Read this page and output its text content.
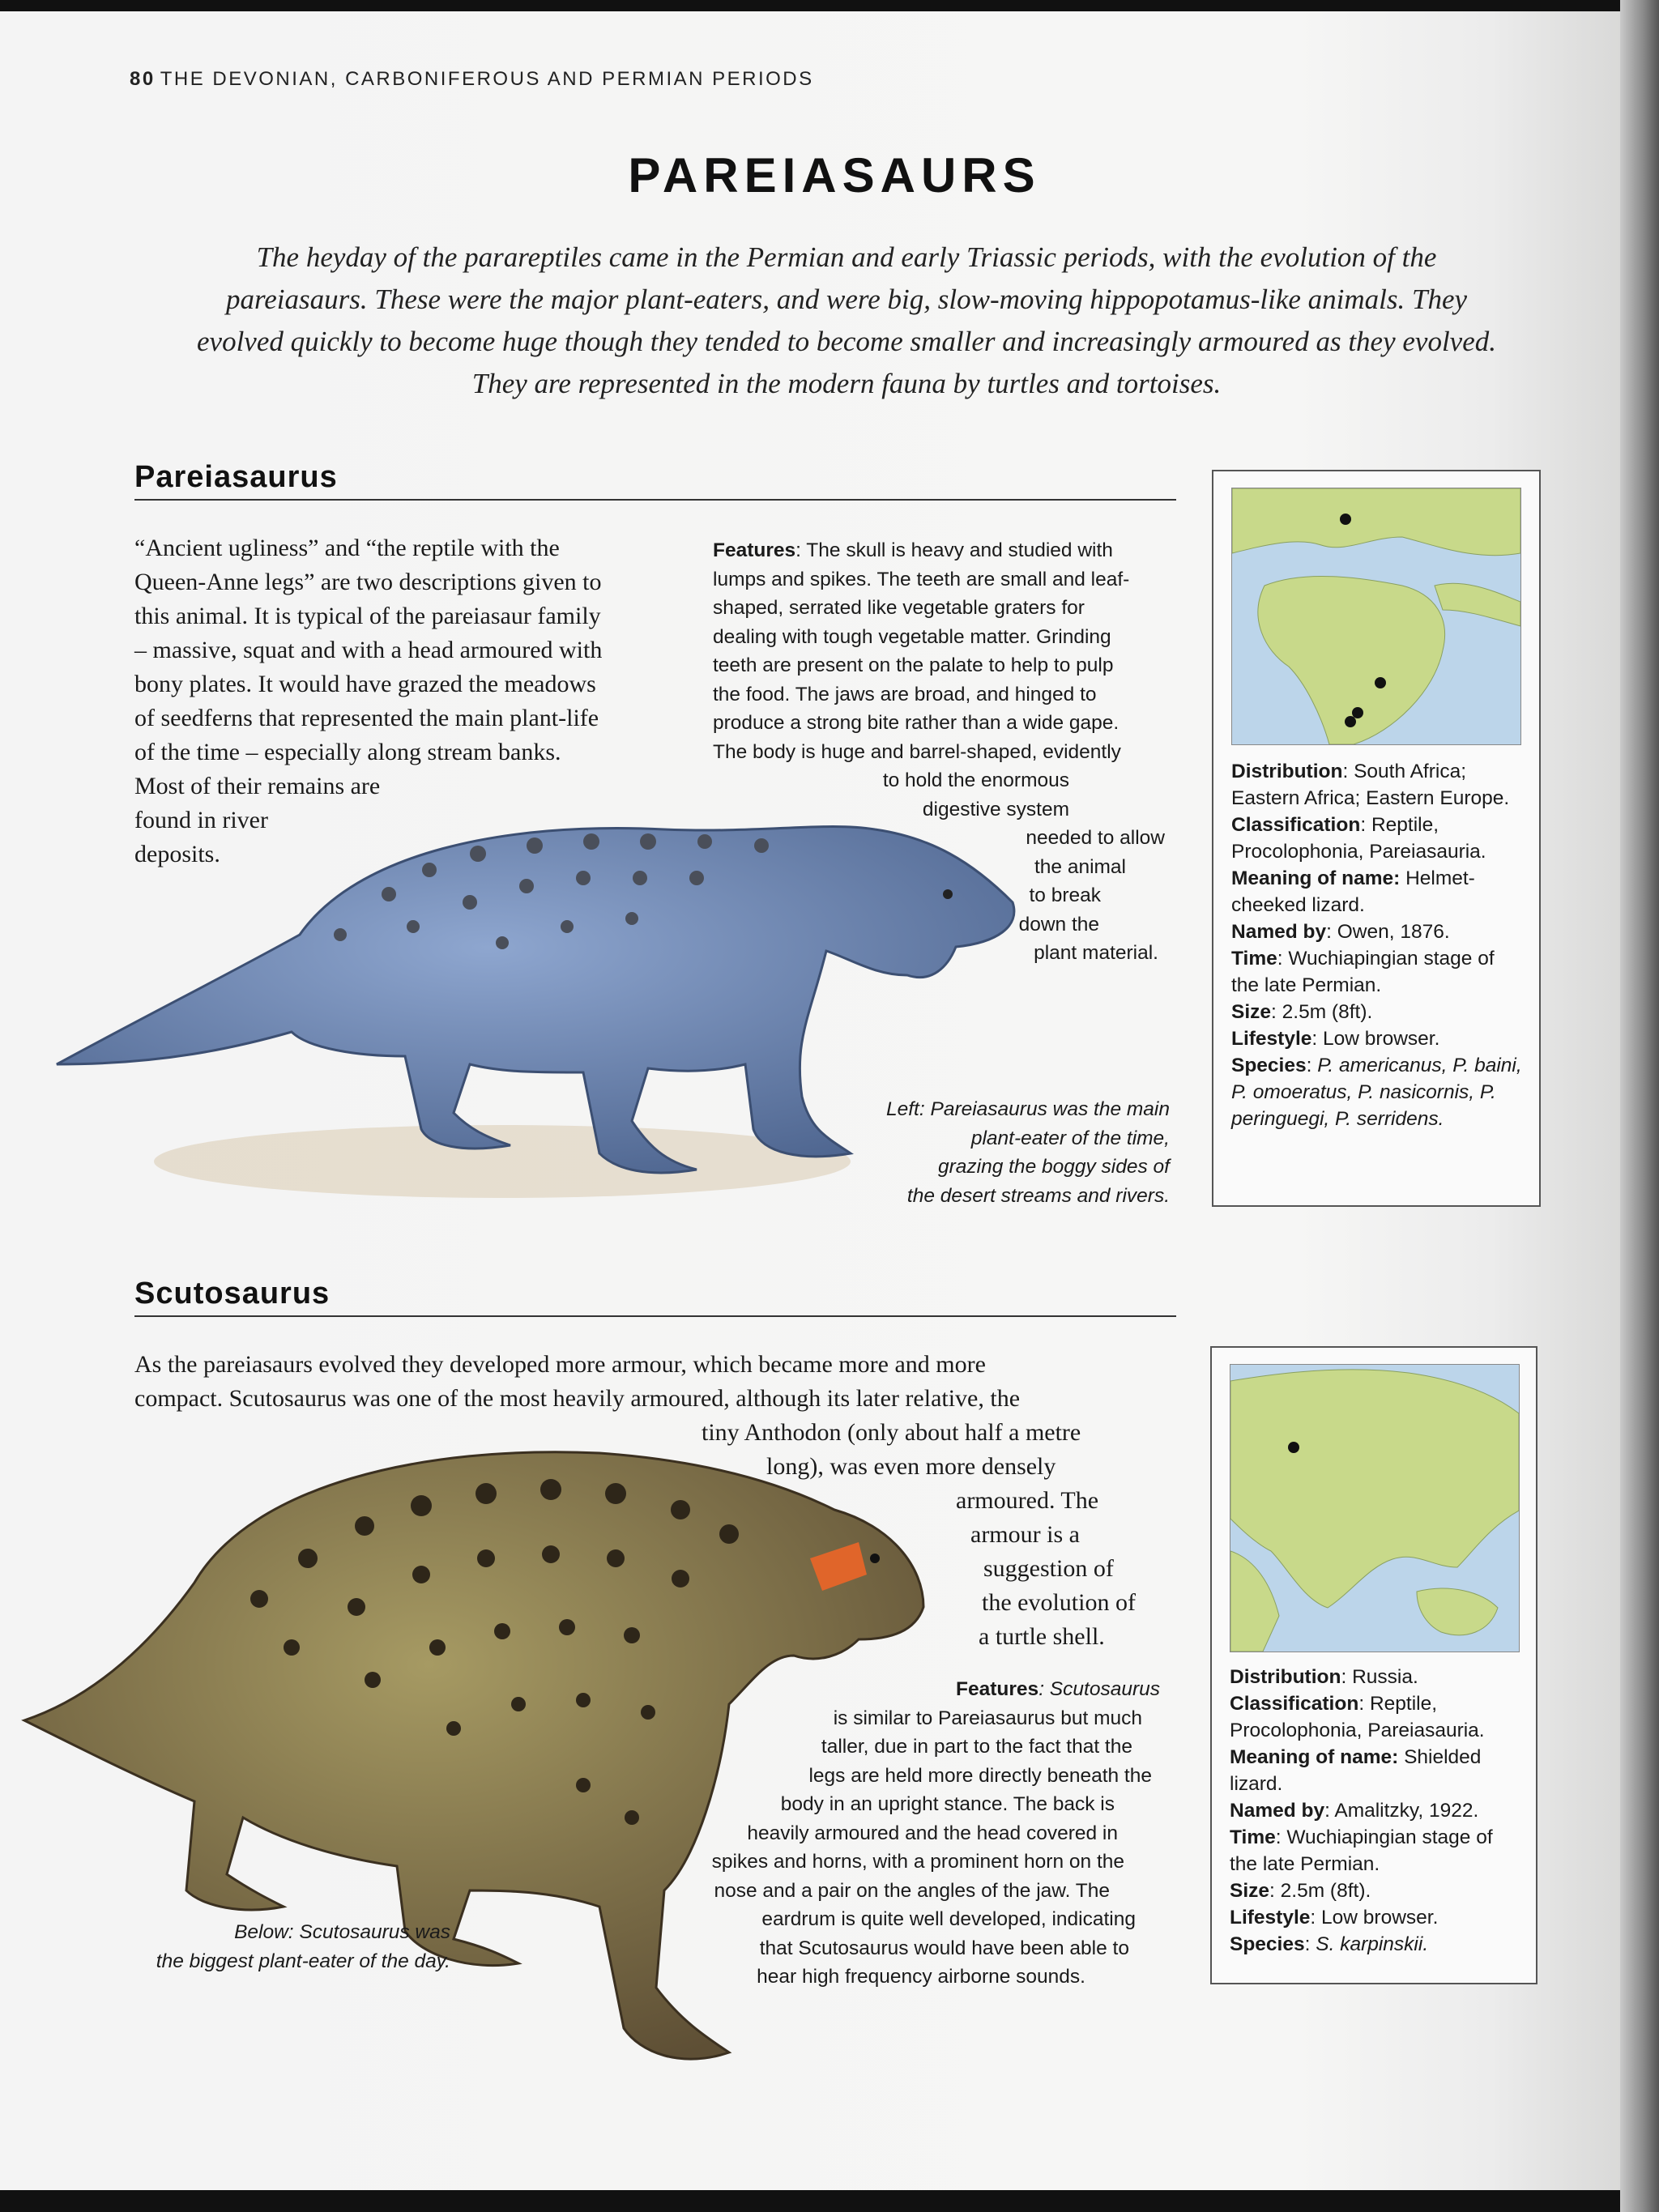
80 THE DEVONIAN, CARBONIFEROUS AND PERMIAN PERIODS
PAREIASAURS
The heyday of the parareptiles came in the Permian and early Triassic periods, with the evolution of the pareiasaurs. These were the major plant-eaters, and were big, slow-moving hippopotamus-like animals. They evolved quickly to become huge though they tended to become smaller and increasingly armoured as they evolved. They are represented in the modern fauna by turtles and tortoises.
Pareiasaurus
“Ancient ugliness” and “the reptile with the
Queen-Anne legs” are two descriptions given to
this animal. It is typical of the pareiasaur family
– massive, squat and with a head armoured with
bony plates. It would have grazed the meadows
of seedferns that represented the main plant-life
of the time – especially along stream banks.
Most of their remains are
found in river
deposits.
Features: The skull is heavy and studied with
lumps and spikes. The teeth are small and leaf-
shaped, serrated like vegetable graters for
dealing with tough vegetable matter. Grinding
teeth are present on the palate to help to pulp
the food. The jaws are broad, and hinged to
produce a strong bite rather than a wide gape.
The body is huge and barrel-shaped, evidently
to hold the enormous
digestive system
needed to allow
the animal
to break
down the
plant material.
Left: Pareiasaurus was the main
plant-eater of the time,
grazing the boggy sides of
the desert streams and rivers.
Distribution: South Africa; Eastern Africa; Eastern Europe.
Classification: Reptile, Procolophonia, Pareiasauria.
Meaning of name: Helmet-cheeked lizard.
Named by: Owen, 1876.
Time: Wuchiapingian stage of the late Permian.
Size: 2.5m (8ft).
Lifestyle: Low browser.
Species: P. americanus, P. baini, P. omoeratus, P. nasicornis, P. peringuegi, P. serridens.
Scutosaurus
As the pareiasaurs evolved they developed more armour, which became more and more
compact. Scutosaurus was one of the most heavily armoured, although its later relative, the
tiny Anthodon (only about half a metre
long), was even more densely
armoured. The
armour is a
suggestion of
the evolution of
a turtle shell.
Features: Scutosaurus
is similar to Pareiasaurus but much
taller, due in part to the fact that the
legs are held more directly beneath the
body in an upright stance. The back is
heavily armoured and the head covered in
spikes and horns, with a prominent horn on the
nose and a pair on the angles of the jaw. The
eardrum is quite well developed, indicating
that Scutosaurus would have been able to
hear high frequency airborne sounds.
Below: Scutosaurus was
the biggest plant-eater of the day.
Distribution: Russia.
Classification: Reptile, Procolophonia, Pareiasauria.
Meaning of name: Shielded lizard.
Named by: Amalitzky, 1922.
Time: Wuchiapingian stage of the late Permian.
Size: 2.5m (8ft).
Lifestyle: Low browser.
Species: S. karpinskii.
